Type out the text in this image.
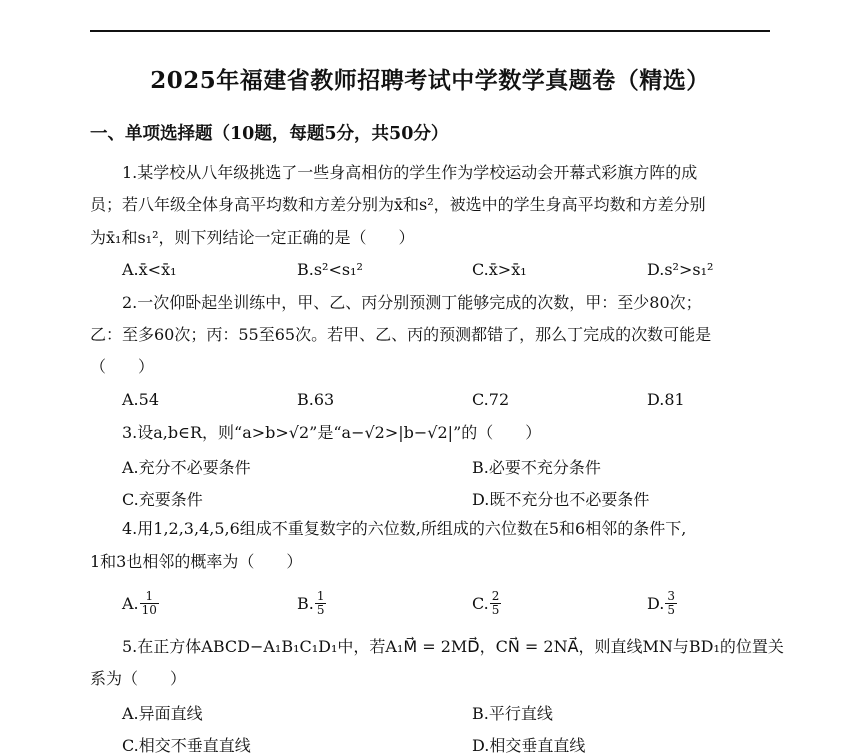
2025年福建省教师招聘考试中学数学真题卷（精选）
一、单项选择题（10题，每题5分，共50分）
1.某学校从八年级挑选了一些身高相仿的学生作为学校运动会开幕式彩旗方阵的成
员；若八年级全体身高平均数和方差分别为x̄和s²，被选中的学生身高平均数和方差分别
为x̄₁和s₁²，则下列结论一定正确的是（　　）
A.x̄<x̄₁	B.s²<s₁²	C.x̄>x̄₁	D.s²>s₁²
2.一次仰卧起坐训练中，甲、乙、丙分别预测丁能够完成的次数，甲：至少80次；
乙：至多60次；丙：55至65次。若甲、乙、丙的预测都错了，那么丁完成的次数可能是
（　　）
A.54	B.63	C.72	D.81
3.设a,b∈R，则“a>b>√2”是“a−√2>|b−√2|”的（　　）
A.充分不必要条件	B.必要不充分条件
C.充要条件	D.既不充分也不必要条件
4.用1,2,3,4,5,6组成不重复数字的六位数,所组成的六位数在5和6相邻的条件下,
1和3也相邻的概率为（　　）
A. $\frac{1}{10}$	B. $\frac{1}{5}$	C. $\frac{2}{5}$	D. $\frac{3}{5}$
5.在正方体ABCD−A₁B₁C₁D₁中，若A₁M⃗ = 2MD⃗，CN⃗ = 2NA⃗，则直线MN与BD₁的位置关
系为（　　）
A.异面直线	B.平行直线
C.相交不垂直直线	D.相交垂直直线
